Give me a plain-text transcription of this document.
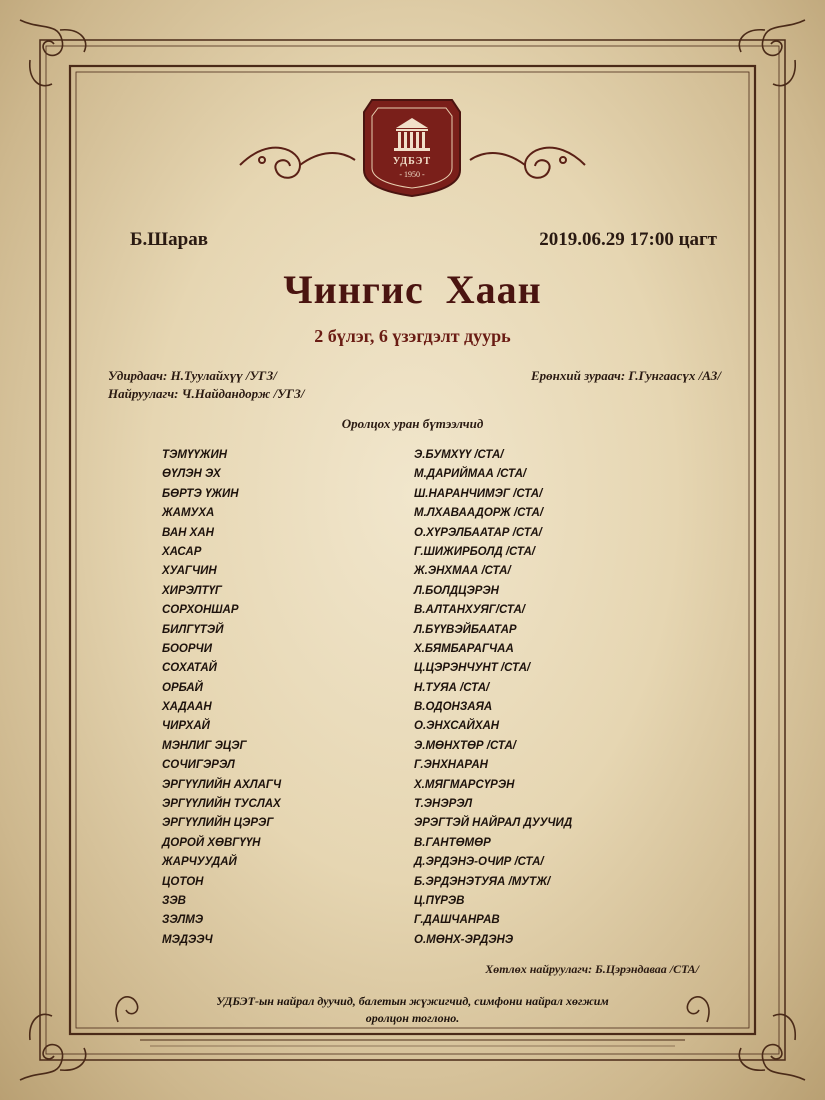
УДБЭТ
- 1950 -
Б.Шарав	2019.06.29 17:00 цагт
Чингис  Хаан
2 бүлэг, 6 үзэгдэлт дуурь
Удирдаач: Н.Туулайхүү /УГЗ/	Ерөнхий зураач: Г.Гунгаасүх /АЗ/
Найруулагч: Ч.Найдандорж /УГЗ/
Оролцох уран бүтээлчид
ТЭМҮҮЖИН	Э.БУМХҮҮ /СТА/
ӨҮЛЭН ЭХ	М.ДАРИЙМАА /СТА/
БӨРТЭ ҮЖИН	Ш.НАРАНЧИМЭГ /СТА/
ЖАМУХА	М.ЛХАВААДОРЖ /СТА/
ВАН ХАН	О.ХҮРЭЛБААТАР /СТА/
ХАСАР	Г.ШИЖИРБОЛД /СТА/
ХУАГЧИН	Ж.ЭНХМАА /СТА/
ХИРЭЛТҮГ	Л.БОЛДЦЭРЭН
СОРХОНШАР	В.АЛТАНХУЯГ/СТА/
БИЛГҮТЭЙ	Л.БҮҮВЭЙБААТАР
БООРЧИ	Х.БЯМБАРАГЧАА
СОХАТАЙ	Ц.ЦЭРЭНЧУНТ /СТА/
ОРБАЙ	Н.ТУЯА /СТА/
ХАДААН	В.ОДОНЗАЯА
ЧИРХАЙ	О.ЭНХСАЙХАН
МЭНЛИГ ЭЦЭГ	Э.МӨНХТӨР /СТА/
СОЧИГЭРЭЛ	Г.ЭНХНАРАН
ЭРГҮҮЛИЙН АХЛАГЧ	Х.МЯГМАРСҮРЭН
ЭРГҮҮЛИЙН ТУСЛАХ	Т.ЭНЭРЭЛ
ЭРГҮҮЛИЙН ЦЭРЭГ	ЭРЭГТЭЙ НАЙРАЛ ДУУЧИД
ДОРОЙ ХӨВГҮҮН	В.ГАНТӨМӨР
ЖАРЧУУДАЙ	Д.ЭРДЭНЭ-ОЧИР /СТА/
ЦОТОН	Б.ЭРДЭНЭТУЯА /МУТЖ/
ЗЭВ	Ц.ПҮРЭВ
ЗЭЛМЭ	Г.ДАШЧАНРАВ
МЭДЭЭЧ	О.МӨНХ-ЭРДЭНЭ
Хөтлөх найруулагч: Б.Цэрэндаваа /СТА/
УДБЭТ-ын найрал дуучид, балетын жүжигчид, симфони найрал хөгжим
оролцон тоглоно.
